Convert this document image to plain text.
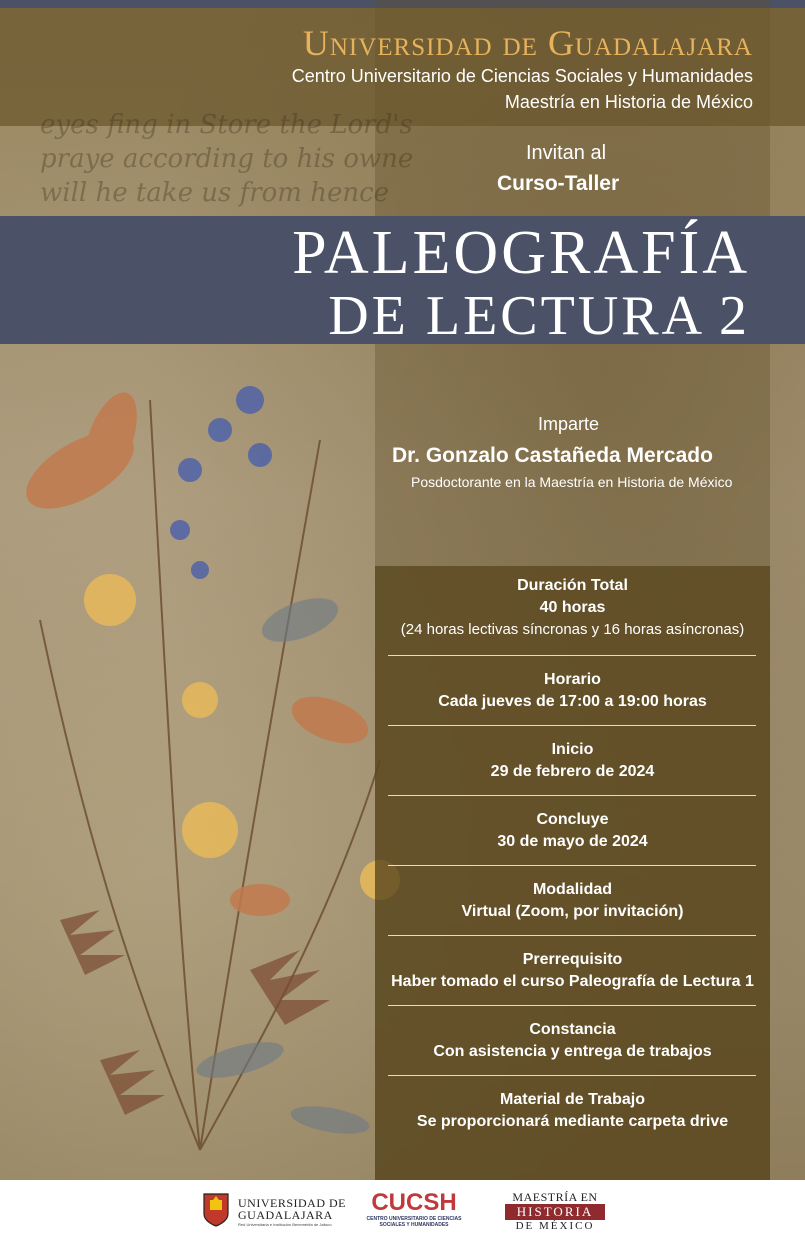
eyes fing in Store the Lord's
praye according to his owne
will he take us from hence
Universidad de Guadalajara
Centro Universitario de Ciencias Sociales y Humanidades
Maestría en Historia de México
Invitan al
Curso-Taller
PALEOGRAFÍA
DE LECTURA 2
Imparte
Dr. Gonzalo Castañeda Mercado
Posdoctorante en la Maestría en Historia de México
Duración Total
40 horas
(24 horas lectivas síncronas y 16 horas asíncronas)
Horario
Cada jueves de 17:00 a 19:00 horas
Inicio
29 de febrero de 2024
Concluye
30 de mayo de 2024
Modalidad
Virtual (Zoom, por invitación)
Prerrequisito
Haber tomado el curso Paleografía de Lectura 1
Constancia
Con asistencia y entrega de trabajos
Material de Trabajo
Se proporcionará mediante carpeta drive
UNIVERSIDAD DE
GUADALAJARA
Red Universitaria e Institución Benemérita de Jalisco
CUCSH
CENTRO UNIVERSITARIO DE CIENCIAS SOCIALES Y HUMANIDADES
MAESTRÍA EN
HISTORIA
DE MÉXICO
